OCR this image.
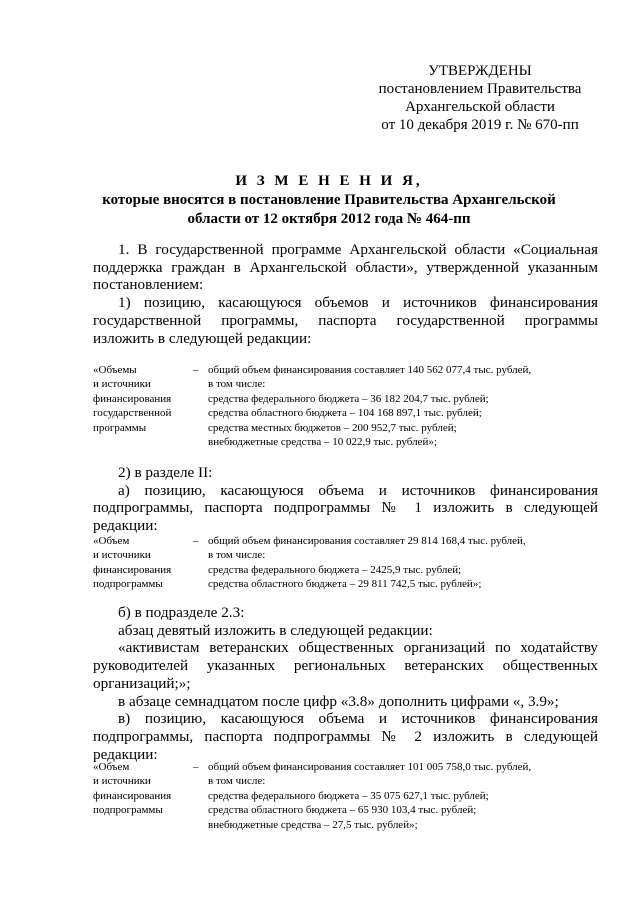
УТВЕРЖДЕНЫ
постановлением Правительства
Архангельской области
от 10 декабря 2019 г. № 670-пп
И З М Е Н Е Н И Я,
которые вносятся в постановление Правительства Архангельской
области от 12 октября 2012 года № 464-пп
1. В государственной программе Архангельской области «Социальная поддержка граждан в Архангельской области», утвержденной указанным постановлением:
1) позицию, касающуюся объемов и источников финансирования государственной программы, паспорта государственной программы изложить в следующей редакции:
«Объемы
и источники
финансирования
государственной
программы
– общий объем финансирования составляет 140 562 077,4 тыс. рублей,
в том числе:
средства федерального бюджета – 36 182 204,7 тыс. рублей;
средства областного бюджета – 104 168 897,1 тыс. рублей;
средства местных бюджетов – 200 952,7 тыс. рублей;
внебюджетные средства – 10 022,9 тыс. рублей»;
2) в разделе II:
а) позицию, касающуюся объема и источников финансирования подпрограммы, паспорта подпрограммы № 1 изложить в следующей редакции:
«Объем
и источники
финансирования
подпрограммы
– общий объем финансирования составляет 29 814 168,4 тыс. рублей,
в том числе:
средства федерального бюджета – 2425,9 тыс. рублей;
средства областного бюджета – 29 811 742,5 тыс. рублей»;
б) в подразделе 2.3:
абзац девятый изложить в следующей редакции:
«активистам ветеранских общественных организаций по ходатайству руководителей указанных региональных ветеранских общественных организаций;»;
в абзаце семнадцатом после цифр «3.8» дополнить цифрами «, 3.9»;
в) позицию, касающуюся объема и источников финансирования подпрограммы, паспорта подпрограммы № 2 изложить в следующей редакции:
«Объем
и источники
финансирования
подпрограммы
– общий объем финансирования составляет 101 005 758,0 тыс. рублей,
в том числе:
средства федерального бюджета – 35 075 627,1 тыс. рублей;
средства областного бюджета – 65 930 103,4 тыс. рублей;
внебюджетные средства – 27,5 тыс. рублей»;
